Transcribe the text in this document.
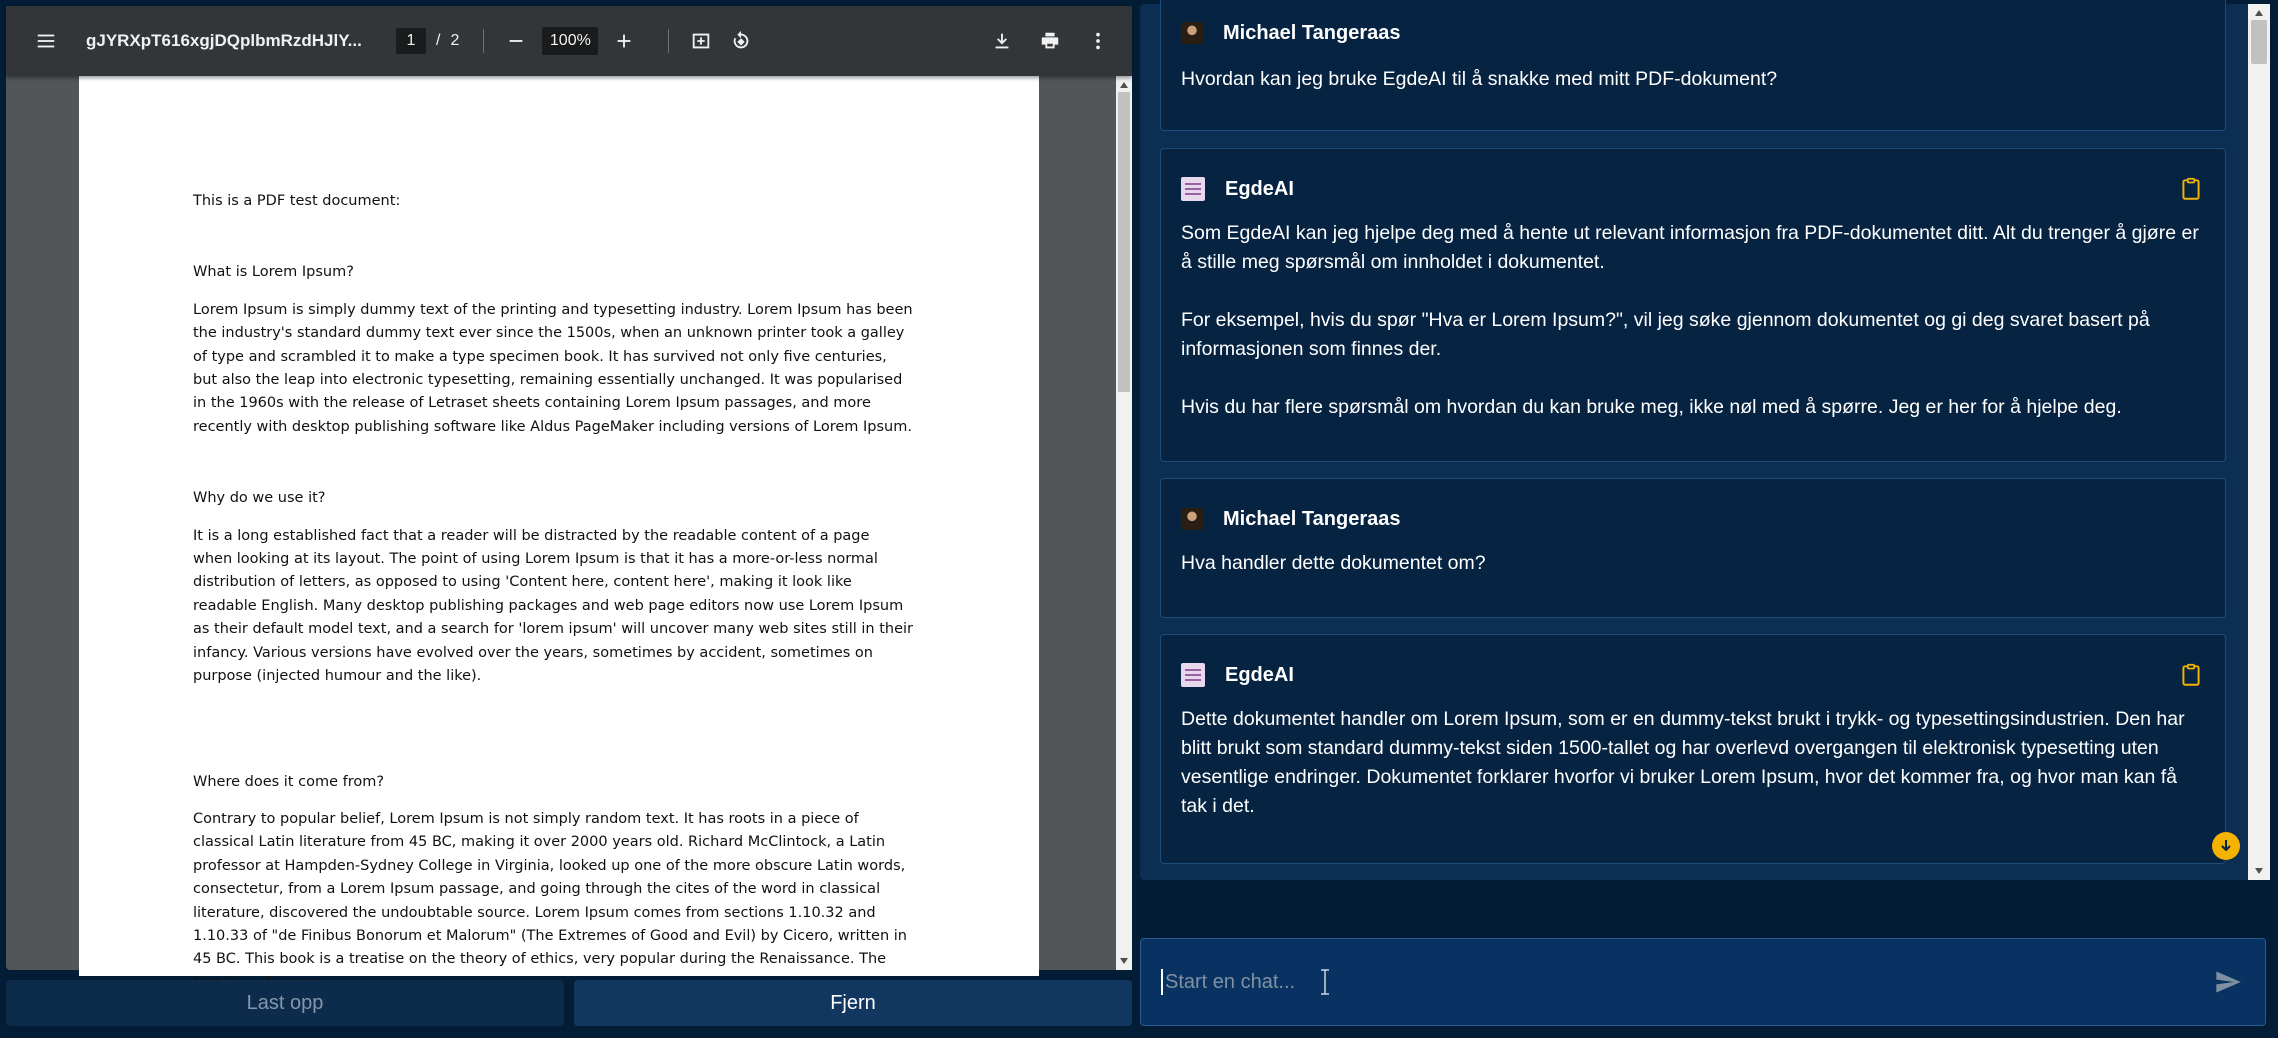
gJYRXpT616xgjDQplbmRzdHJlY...
1	/ 2
100%

This is a PDF test document:

What is Lorem Ipsum?

Lorem Ipsum is simply dummy text of the printing and typesetting industry. Lorem Ipsum has been the industry's standard dummy text ever since the 1500s, when an unknown printer took a galley of type and scrambled it to make a type specimen book. It has survived not only five centuries, but also the leap into electronic typesetting, remaining essentially unchanged. It was popularised in the 1960s with the release of Letraset sheets containing Lorem Ipsum passages, and more recently with desktop publishing software like Aldus PageMaker including versions of Lorem Ipsum.

Why do we use it?

It is a long established fact that a reader will be distracted by the readable content of a page when looking at its layout. The point of using Lorem Ipsum is that it has a more-or-less normal distribution of letters, as opposed to using 'Content here, content here', making it look like readable English. Many desktop publishing packages and web page editors now use Lorem Ipsum as their default model text, and a search for 'lorem ipsum' will uncover many web sites still in their infancy. Various versions have evolved over the years, sometimes by accident, sometimes on purpose (injected humour and the like).

Where does it come from?

Contrary to popular belief, Lorem Ipsum is not simply random text. It has roots in a piece of classical Latin literature from 45 BC, making it over 2000 years old. Richard McClintock, a Latin professor at Hampden-Sydney College in Virginia, looked up one of the more obscure Latin words, consectetur, from a Lorem Ipsum passage, and going through the cites of the word in classical literature, discovered the undoubtable source. Lorem Ipsum comes from sections 1.10.32 and 1.10.33 of "de Finibus Bonorum et Malorum" (The Extremes of Good and Evil) by Cicero, written in 45 BC. This book is a treatise on the theory of ethics, very popular during the Renaissance. The

Last opp	Fjern
Michael Tangeraas
Hvordan kan jeg bruke EgdeAI til å snakke med mitt PDF-dokument?
EgdeAI
Som EgdeAI kan jeg hjelpe deg med å hente ut relevant informasjon fra PDF-dokumentet ditt. Alt du trenger å gjøre er å stille meg spørsmål om innholdet i dokumentet.
For eksempel, hvis du spør "Hva er Lorem Ipsum?", vil jeg søke gjennom dokumentet og gi deg svaret basert på informasjonen som finnes der.
Hvis du har flere spørsmål om hvordan du kan bruke meg, ikke nøl med å spørre. Jeg er her for å hjelpe deg.
Michael Tangeraas
Hva handler dette dokumentet om?
EgdeAI
Dette dokumentet handler om Lorem Ipsum, som er en dummy-tekst brukt i trykk- og typesettingsindustrien. Den har blitt brukt som standard dummy-tekst siden 1500-tallet og har overlevd overgangen til elektronisk typesetting uten vesentlige endringer. Dokumentet forklarer hvorfor vi bruker Lorem Ipsum, hvor det kommer fra, og hvor man kan få tak i det.
Start en chat...
